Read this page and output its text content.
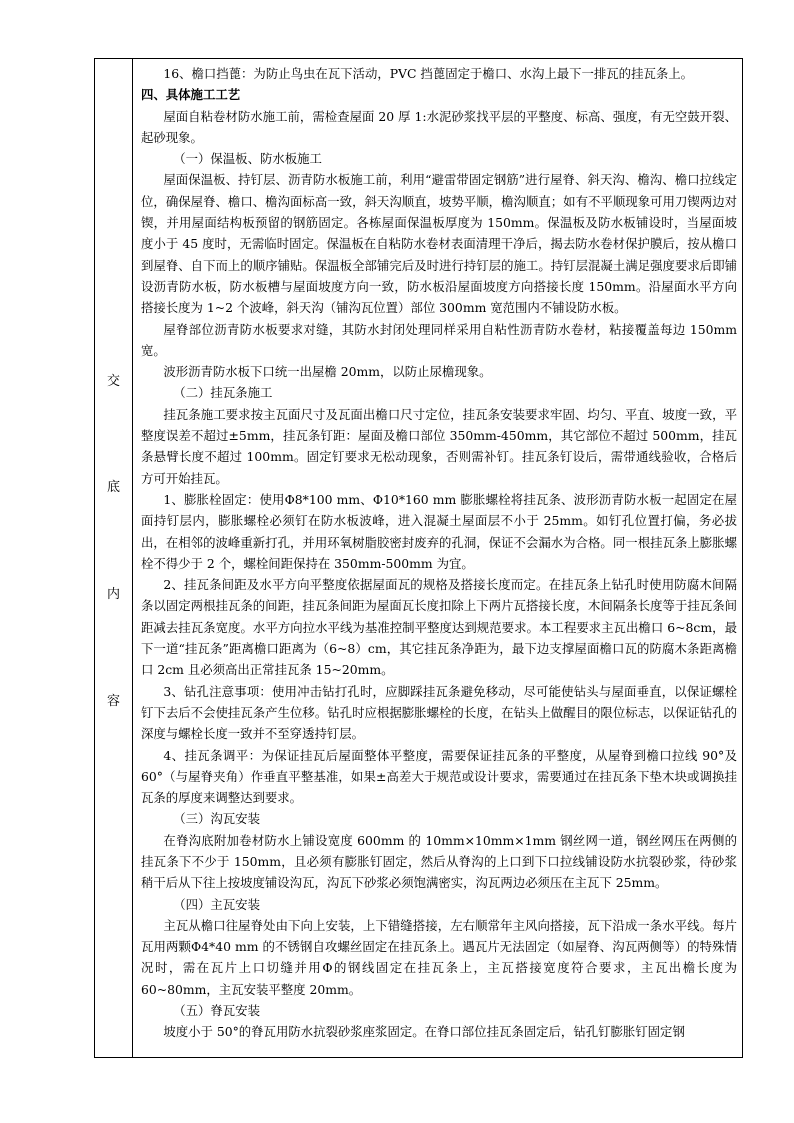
交
底
内
容

16、檐口挡蓖：为防止鸟虫在瓦下活动，PVC 挡蓖固定于檐口、水沟上最下一排瓦的挂瓦条上。

四、具体施工工艺

屋面自粘卷材防水施工前，需检查屋面 20 厚 1:水泥砂浆找平层的平整度、标高、强度，有无空鼓开裂、起砂现象。

（一）保温板、防水板施工

屋面保温板、持钉层、沥青防水板施工前，利用“避雷带固定钢筋”进行屋脊、斜天沟、檐沟、檐口拉线定位，确保屋脊、檐口、檐沟面标高一致，斜天沟顺直，坡势平顺，檐沟顺直；如有不平顺现象可用刀锲两边对锲，并用屋面结构板预留的钢筋固定。各栋屋面保温板厚度为 150mm。保温板及防水板铺设时，当屋面坡度小于 45 度时，无需临时固定。保温板在自粘防水卷材表面清理干净后，揭去防水卷材保护膜后，按从檐口到屋脊、自下而上的顺序铺贴。保温板全部铺完后及时进行持钉层的施工。持钉层混凝土满足强度要求后即铺设沥青防水板，防水板槽与屋面坡度方向一致，防水板沿屋面坡度方向搭接长度 150mm。沿屋面水平方向搭接长度为 1~2 个波峰，斜天沟（铺沟瓦位置）部位 300mm 宽范围内不铺设防水板。

屋脊部位沥青防水板要求对缝，其防水封闭处理同样采用自粘性沥青防水卷材，粘接覆盖每边 150mm 宽。

波形沥青防水板下口统一出屋檐 20mm，以防止尿檐现象。

（二）挂瓦条施工

挂瓦条施工要求按主瓦面尺寸及瓦面出檐口尺寸定位，挂瓦条安装要求牢固、均匀、平直、坡度一致，平整度误差不超过±5mm，挂瓦条钉距：屋面及檐口部位 350mm-450mm，其它部位不超过 500mm，挂瓦条悬臂长度不超过 100mm。固定钉要求无松动现象，否则需补钉。挂瓦条钉设后，需带通线验收，合格后方可开始挂瓦。

1、膨胀栓固定：使用Φ8*100 mm、Φ10*160 mm 膨胀螺栓将挂瓦条、波形沥青防水板一起固定在屋面持钉层内，膨胀螺栓必须钉在防水板波峰，进入混凝土屋面层不小于 25mm。如钉孔位置打偏，务必拔出，在相邻的波峰重新打孔，并用环氧树脂胶密封废弃的孔洞，保证不会漏水为合格。同一根挂瓦条上膨胀螺栓不得少于 2 个，螺栓间距保持在 350mm-500mm 为宜。

2、挂瓦条间距及水平方向平整度依据屋面瓦的规格及搭接长度而定。在挂瓦条上钻孔时使用防腐木间隔条以固定两根挂瓦条的间距，挂瓦条间距为屋面瓦长度扣除上下两片瓦搭接长度，木间隔条长度等于挂瓦条间距减去挂瓦条宽度。水平方向拉水平线为基准控制平整度达到规范要求。本工程要求主瓦出檐口 6~8cm，最下一道“挂瓦条”距离檐口距离为（6~8）cm，其它挂瓦条净距为，最下边支撑屋面檐口瓦的防腐木条距离檐口 2cm 且必须高出正常挂瓦条 15~20mm。

3、钻孔注意事项：使用冲击钻打孔时，应脚踩挂瓦条避免移动，尽可能使钻头与屋面垂直，以保证螺栓钉下去后不会使挂瓦条产生位移。钻孔时应根据膨胀螺栓的长度，在钻头上做醒目的限位标志，以保证钻孔的深度与螺栓长度一致并不至穿透持钉层。

4、挂瓦条调平：为保证挂瓦后屋面整体平整度，需要保证挂瓦条的平整度，从屋脊到檐口拉线 90°及 60°（与屋脊夹角）作垂直平整基准，如果±高差大于规范或设计要求，需要通过在挂瓦条下垫木块或调换挂瓦条的厚度来调整达到要求。

（三）沟瓦安装

在脊沟底附加卷材防水上铺设宽度 600mm 的 10mm×10mm×1mm 钢丝网一道，钢丝网压在两侧的挂瓦条下不少于 150mm，且必须有膨胀钉固定，然后从脊沟的上口到下口拉线铺设防水抗裂砂浆，待砂浆稍干后从下往上按坡度铺设沟瓦，沟瓦下砂浆必须饱满密实，沟瓦两边必须压在主瓦下 25mm。

（四）主瓦安装

主瓦从檐口往屋脊处由下向上安装，上下错缝搭接，左右顺常年主风向搭接，瓦下沿成一条水平线。每片瓦用两颗Φ4*40 mm 的不锈钢自攻螺丝固定在挂瓦条上。遇瓦片无法固定（如屋脊、沟瓦两侧等）的特殊情况时，需在瓦片上口切缝并用Φ的钢线固定在挂瓦条上，主瓦搭接宽度符合要求，主瓦出檐长度为 60~80mm，主瓦安装平整度 20mm。

（五）脊瓦安装

坡度小于 50°的脊瓦用防水抗裂砂浆座浆固定。在脊口部位挂瓦条固定后，钻孔钉膨胀钉固定钢
